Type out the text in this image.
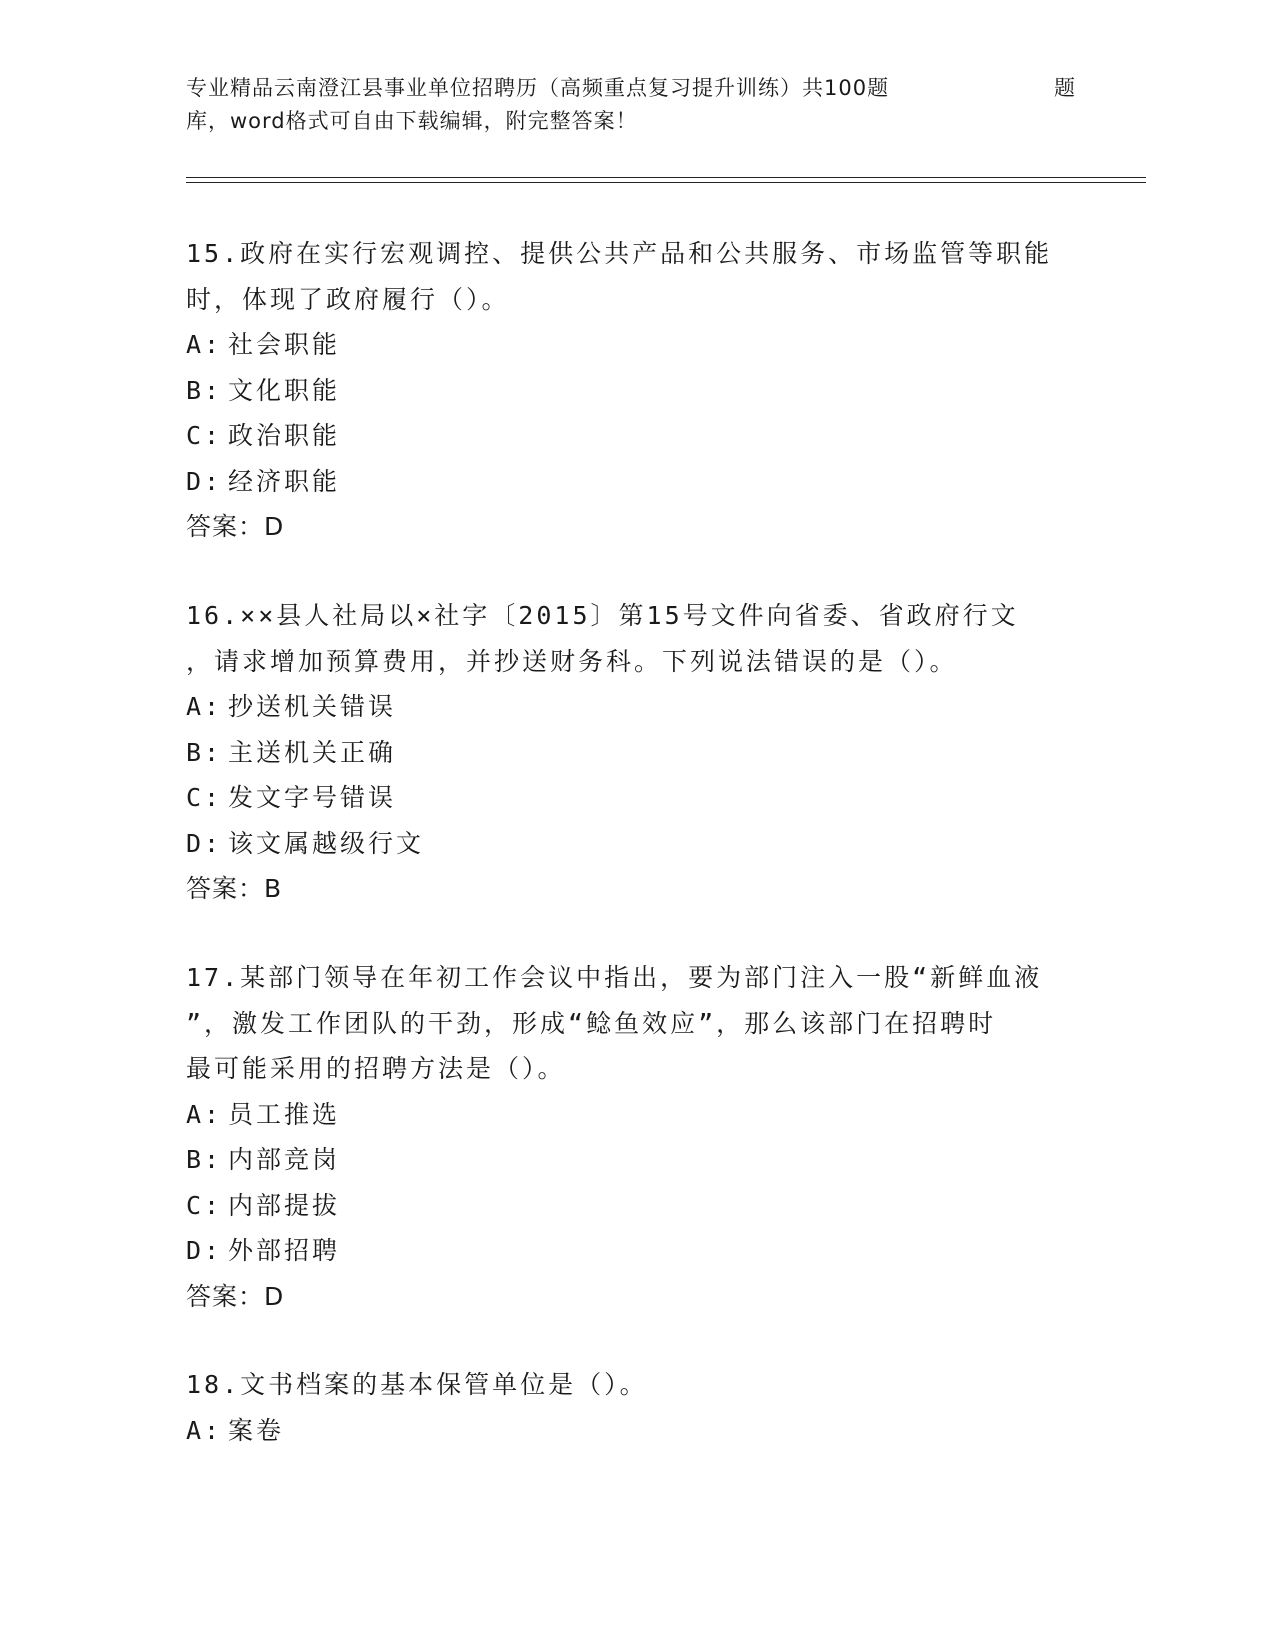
专业精品云南澄江县事业单位招聘历（高频重点复习提升训练）共100题	题
库，word格式可自由下载编辑，附完整答案！
15.政府在实行宏观调控、提供公共产品和公共服务、市场监管等职能
时，体现了政府履行（）。
A: 社会职能
B: 文化职能
C: 政治职能
D: 经济职能
答案：D
16.××县人社局以×社字〔2015〕第15号文件向省委、省政府行文
，请求增加预算费用，并抄送财务科。下列说法错误的是（）。
A: 抄送机关错误
B: 主送机关正确
C: 发文字号错误
D: 该文属越级行文
答案：B
17.某部门领导在年初工作会议中指出，要为部门注入一股“新鲜血液
”，激发工作团队的干劲，形成“鲶鱼效应”，那么该部门在招聘时
最可能采用的招聘方法是（）。
A: 员工推选
B: 内部竞岗
C: 内部提拔
D: 外部招聘
答案：D
18.文书档案的基本保管单位是（）。
A: 案卷
